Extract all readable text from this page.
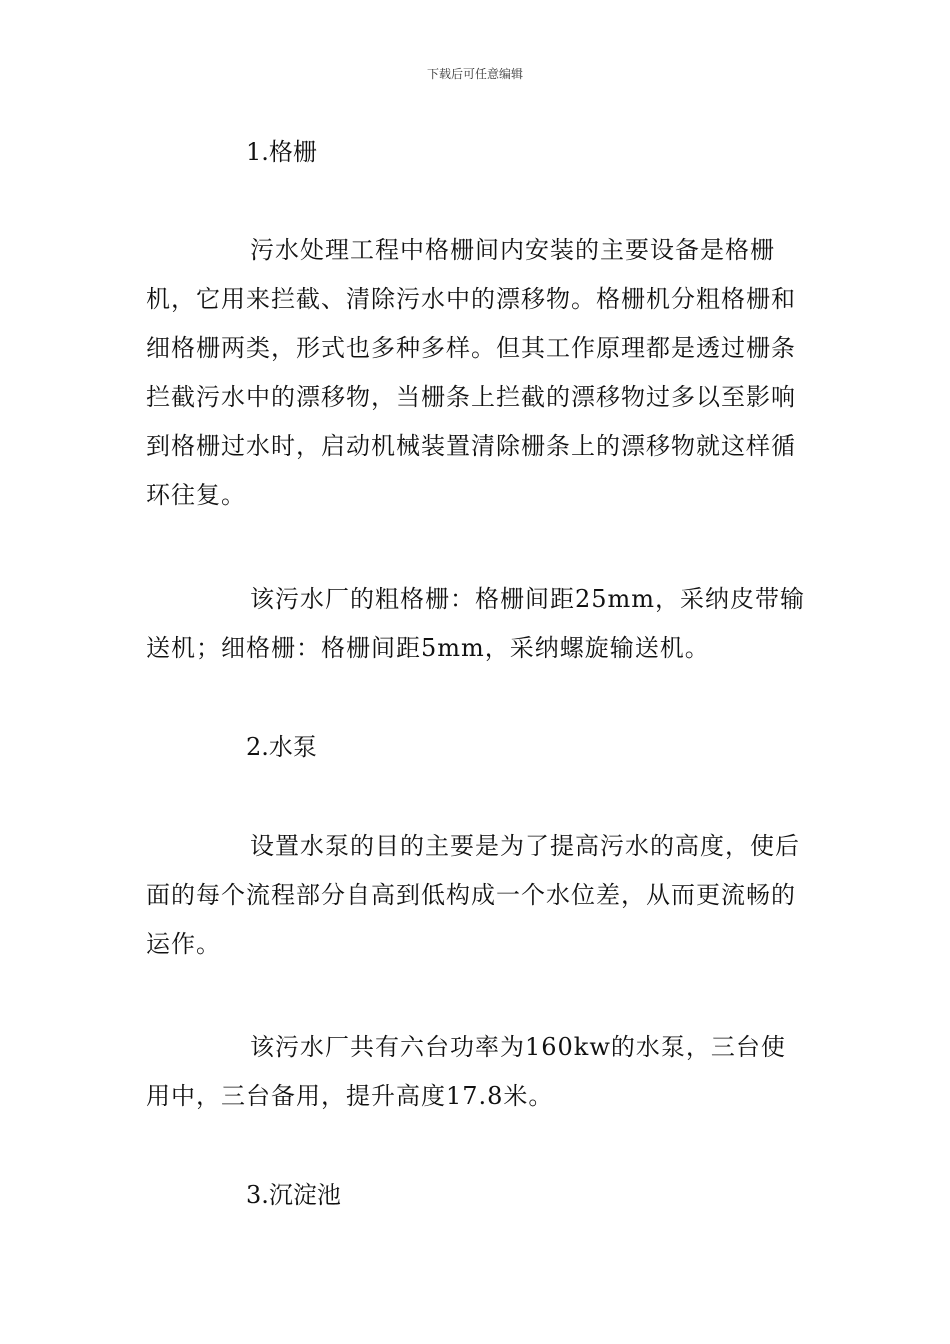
下载后可任意编辑
1.格栅

污水处理工程中格栅间内安装的主要设备是格栅机，它用来拦截、清除污水中的漂移物。格栅机分粗格栅和细格栅两类，形式也多种多样。但其工作原理都是透过栅条拦截污水中的漂移物，当栅条上拦截的漂移物过多以至影响到格栅过水时，启动机械装置清除栅条上的漂移物就这样循环往复。

该污水厂的粗格栅：格栅间距25mm，采纳皮带输送机；细格栅：格栅间距5mm，采纳螺旋输送机。

2.水泵

设置水泵的目的主要是为了提高污水的高度，使后面的每个流程部分自高到低构成一个水位差，从而更流畅的运作。

该污水厂共有六台功率为160kw的水泵，三台使用中，三台备用，提升高度17.8米。

3.沉淀池
